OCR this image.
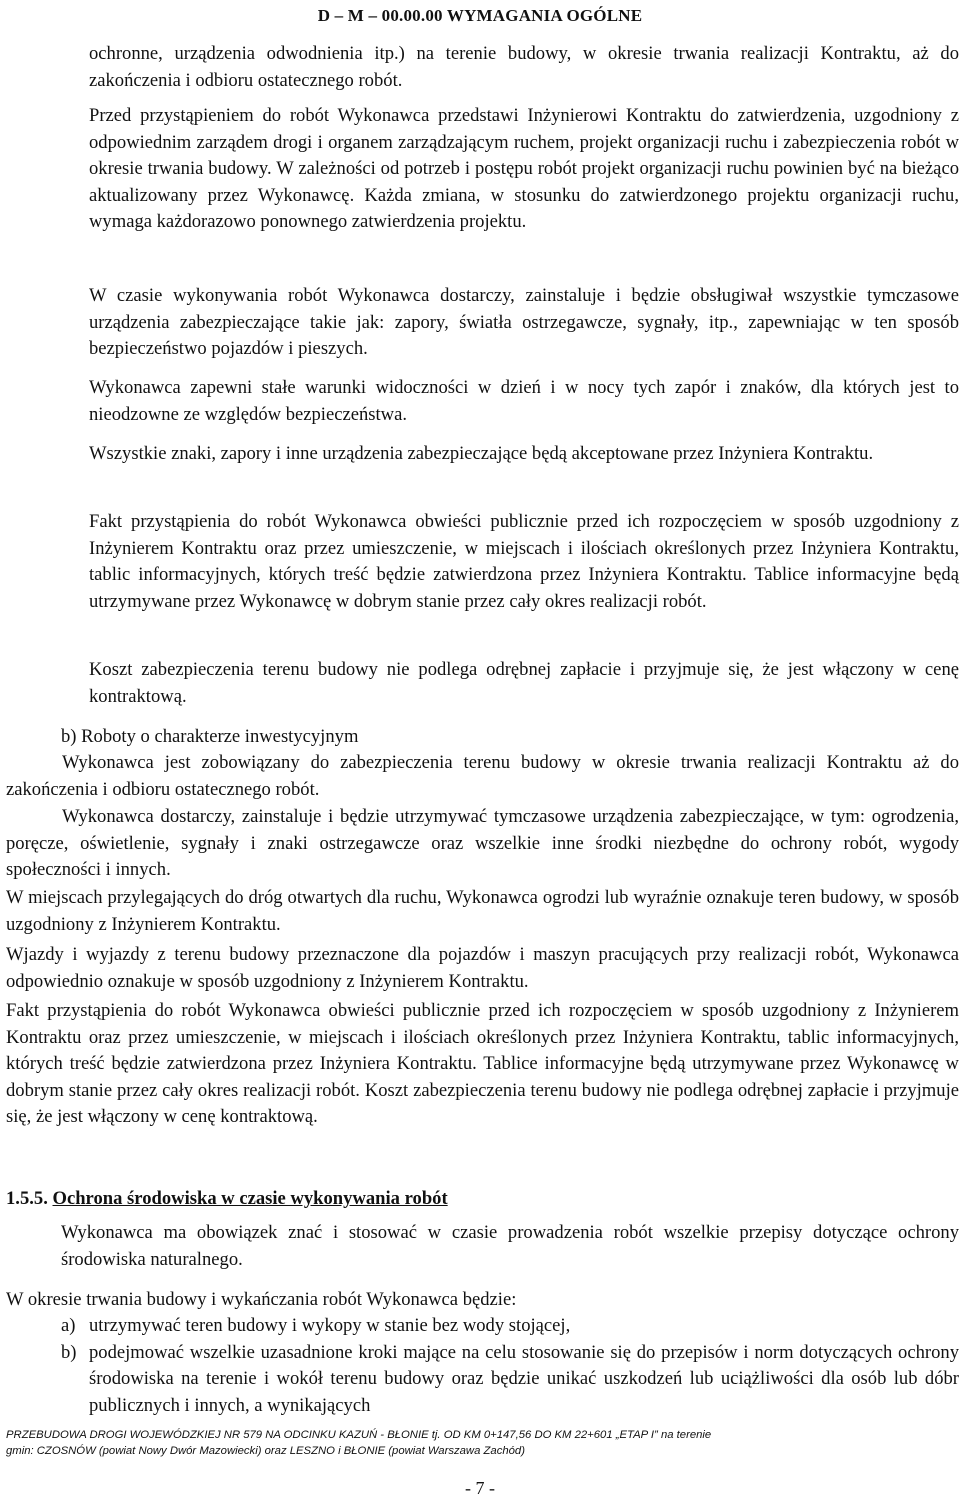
D – M – 00.00.00 WYMAGANIA OGÓLNE

ochronne, urządzenia odwodnienia itp.) na terenie budowy, w okresie trwania realizacji Kontraktu, aż do zakończenia i odbioru ostatecznego robót.

Przed przystąpieniem do robót Wykonawca przedstawi Inżynierowi Kontraktu do zatwierdzenia, uzgodniony z odpowiednim zarządem drogi i organem zarządzającym ruchem, projekt organizacji ruchu i zabezpieczenia robót w okresie trwania budowy. W zależności od potrzeb i postępu robót projekt organizacji ruchu powinien być na bieżąco aktualizowany przez Wykonawcę. Każda zmiana, w stosunku do zatwierdzonego projektu organizacji ruchu, wymaga każdorazowo ponownego zatwierdzenia projektu.

W czasie wykonywania robót Wykonawca dostarczy, zainstaluje i będzie obsługiwał wszystkie tymczasowe urządzenia zabezpieczające takie jak: zapory, światła ostrzegawcze, sygnały, itp., zapewniając w ten sposób bezpieczeństwo pojazdów i pieszych.

Wykonawca zapewni stałe warunki widoczności w dzień i w nocy tych zapór i znaków, dla których jest to nieodzowne ze względów bezpieczeństwa.

Wszystkie znaki, zapory i inne urządzenia zabezpieczające będą akceptowane przez Inżyniera Kontraktu.

Fakt przystąpienia do robót Wykonawca obwieści publicznie przed ich rozpoczęciem w sposób uzgodniony z Inżynierem Kontraktu oraz przez umieszczenie, w miejscach i ilościach określonych przez Inżyniera Kontraktu, tablic informacyjnych, których treść będzie zatwierdzona przez Inżyniera Kontraktu. Tablice informacyjne będą utrzymywane przez Wykonawcę w dobrym stanie przez cały okres realizacji robót.

Koszt zabezpieczenia terenu budowy nie podlega odrębnej zapłacie i przyjmuje się, że jest włączony w cenę kontraktową.

b) Roboty o charakterze inwestycyjnym

Wykonawca jest zobowiązany do zabezpieczenia terenu budowy w okresie trwania realizacji Kontraktu aż do zakończenia i odbioru ostatecznego robót.

Wykonawca dostarczy, zainstaluje i będzie utrzymywać tymczasowe urządzenia zabezpieczające, w tym: ogrodzenia, poręcze, oświetlenie, sygnały i znaki ostrzegawcze oraz wszelkie inne środki niezbędne do ochrony robót, wygody społeczności i innych.

W miejscach przylegających do dróg otwartych dla ruchu, Wykonawca ogrodzi lub wyraźnie oznakuje teren budowy, w sposób uzgodniony z Inżynierem Kontraktu.

Wjazdy i wyjazdy z terenu budowy przeznaczone dla pojazdów i maszyn pracujących przy realizacji robót, Wykonawca odpowiednio oznakuje w sposób uzgodniony z Inżynierem Kontraktu.

Fakt przystąpienia do robót Wykonawca obwieści publicznie przed ich rozpoczęciem w sposób uzgodniony z Inżynierem Kontraktu oraz przez umieszczenie, w miejscach i ilościach określonych przez Inżyniera Kontraktu, tablic informacyjnych, których treść będzie zatwierdzona przez Inżyniera Kontraktu. Tablice informacyjne będą utrzymywane przez Wykonawcę w dobrym stanie przez cały okres realizacji robót. Koszt zabezpieczenia terenu budowy nie podlega odrębnej zapłacie i przyjmuje się, że jest włączony w cenę kontraktową.

1.5.5. Ochrona środowiska w czasie wykonywania robót

Wykonawca ma obowiązek znać i stosować w czasie prowadzenia robót wszelkie przepisy dotyczące ochrony środowiska naturalnego.

W okresie trwania budowy i wykańczania robót Wykonawca będzie:

a) utrzymywać teren budowy i wykopy w stanie bez wody stojącej,
b) podejmować wszelkie uzasadnione kroki mające na celu stosowanie się do przepisów i norm dotyczących ochrony środowiska na terenie i wokół terenu budowy oraz będzie unikać uszkodzeń lub uciążliwości dla osób lub dóbr publicznych i innych, a wynikających
PRZEBUDOWA DROGI WOJEWÓDZKIEJ NR 579 NA ODCINKU KAZUŃ - BŁONIE tj. OD KM 0+147,56 DO KM 22+601 „ETAP I” na terenie
gmin: CZOSNÓW (powiat Nowy Dwór Mazowiecki) oraz LESZNO i BŁONIE (powiat Warszawa Zachód)
- 7 -
